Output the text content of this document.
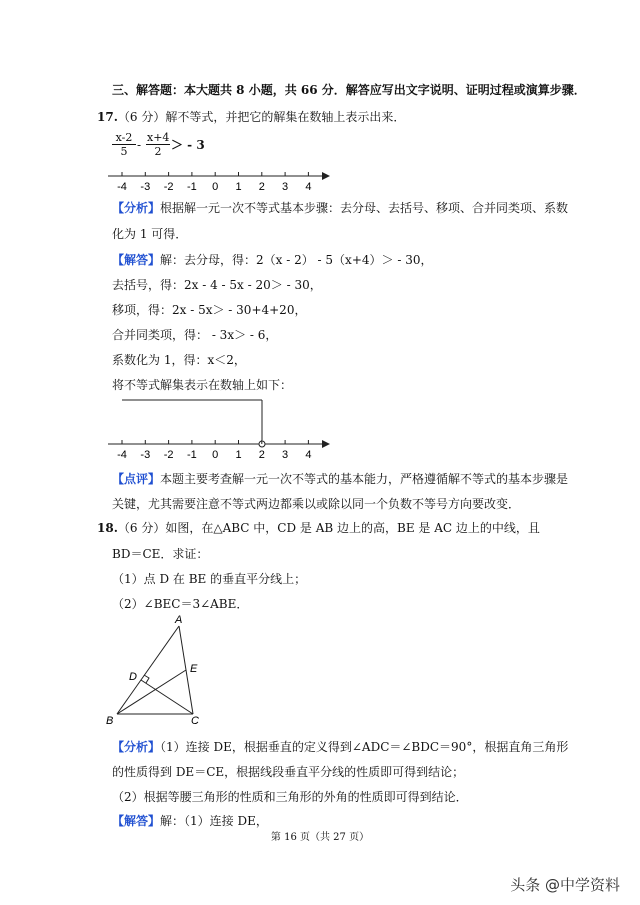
三、解答题：本大题共 8 小题，共 66 分．解答应写出文字说明、证明过程或演算步骤．
17.（6 分）解不等式，并把它的解集在数轴上表示出来．
$\frac{x-2}{5} - \frac{x+4}{2}$ ＞ - 3
-4 -3 -2 -1 0 1 2 3 4
【分析】根据解一元一次不等式基本步骤：去分母、去括号、移项、合并同类项、系数
化为 1 可得．
【解答】解：去分母，得：2（x - 2） - 5（x+4）＞ - 30，
去括号，得：2x - 4 - 5x - 20＞ - 30，
移项，得：2x - 5x＞ - 30+4+20，
合并同类项，得： - 3x＞ - 6，
系数化为 1，得：x＜2，
将不等式解集表示在数轴上如下：
-4 -3 -2 -1 0 1 2 3 4
【点评】本题主要考查解一元一次不等式的基本能力，严格遵循解不等式的基本步骤是
关键，尤其需要注意不等式两边都乘以或除以同一个负数不等号方向要改变．
18.（6 分）如图，在△ABC 中，CD 是 AB 边上的高，BE 是 AC 边上的中线，且
BD＝CE．求证：
（1）点 D 在 BE 的垂直平分线上；
（2）∠BEC＝3∠ABE．
A
B	C
D
E
【分析】（1）连接 DE，根据垂直的定义得到∠ADC＝∠BDC＝90°，根据直角三角形
的性质得到 DE＝CE，根据线段垂直平分线的性质即可得到结论；
（2）根据等腰三角形的性质和三角形的外角的性质即可得到结论．
【解答】解：（1）连接 DE，
第 16 页（共 27 页）
头条 @中学资料
